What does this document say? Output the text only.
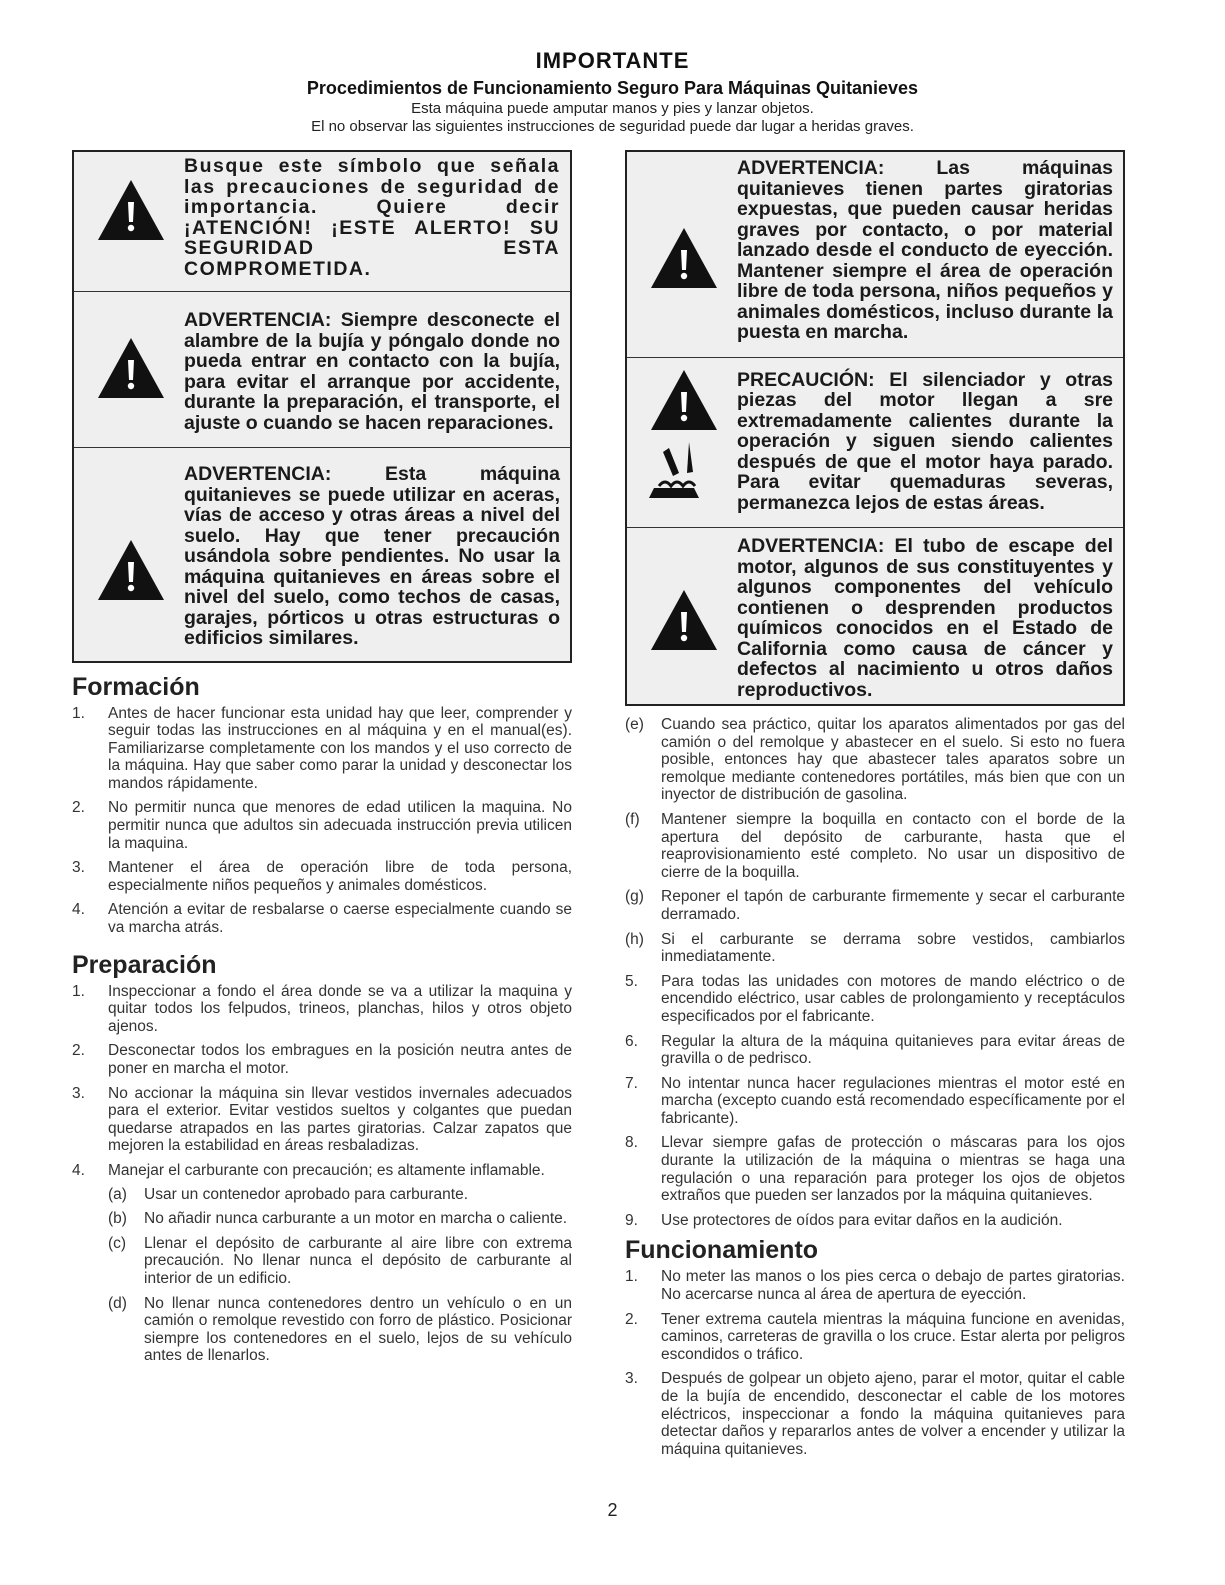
IMPORTANTE
Procedimientos de Funcionamiento Seguro Para Máquinas Quitanieves
Esta máquina puede amputar manos y pies y lanzar objetos.
El no observar las siguientes instrucciones de seguridad puede dar lugar a heridas graves.
Busque este símbolo que señala las precauciones de seguridad de importancia. Quiere decir ¡ATENCIÓN! ¡ESTE ALERTO! SU SEGURIDAD ESTA COMPROMETIDA.
ADVERTENCIA: Siempre desconecte el alambre de la bujía y póngalo donde no pueda entrar en contacto con la bujía, para evitar el arranque por accidente, durante la preparación, el transporte, el ajuste o cuando se hacen reparaciones.
ADVERTENCIA: Esta máquina quitanieves se puede utilizar en aceras, vías de acceso y otras áreas a nivel del suelo. Hay que tener precaución usándola sobre pendientes. No usar la máquina quitanieves en áreas sobre el nivel del suelo, como techos de casas, garajes, pórticos u otras estructuras o edificios similares.
Formación
1. Antes de hacer funcionar esta unidad hay que leer, comprender y seguir todas las instrucciones en al máquina y en el manual(es). Familiarizarse completamente con los mandos y el uso correcto de la máquina. Hay que saber como parar la unidad y desconectar los mandos rápidamente.
2. No permitir nunca que menores de edad utilicen la maquina. No permitir nunca que adultos sin adecuada instrucción previa utilicen la maquina.
3. Mantener el área de operación libre de toda persona, especialmente niños pequeños y animales domésticos.
4. Atención a evitar de resbalarse o caerse especialmente cuando se va marcha atrás.
Preparación
1. Inspeccionar a fondo el área donde se va a utilizar la maquina y quitar todos los felpudos, trineos, planchas, hilos y otros objeto ajenos.
2. Desconectar todos los embragues en la posición neutra antes de poner en marcha el motor.
3. No accionar la máquina sin llevar vestidos invernales adecuados para el exterior. Evitar vestidos sueltos y colgantes que puedan quedarse atrapados en las partes giratorias. Calzar zapatos que mejoren la estabilidad en áreas resbaladizas.
4. Manejar el carburante con precaución; es altamente inflamable.
(a) Usar un contenedor aprobado para carburante.
(b) No añadir nunca carburante a un motor en marcha o caliente.
(c) Llenar el depósito de carburante al aire libre con extrema precaución. No llenar nunca el depósito de carburante al interior de un edificio.
(d) No llenar nunca contenedores dentro un vehículo o en un camión o remolque revestido con forro de plástico. Posicionar siempre los contenedores en el suelo, lejos de su vehículo antes de llenarlos.
ADVERTENCIA: Las máquinas quitanieves tienen partes giratorias expuestas, que pueden causar heridas graves por contacto, o por material lanzado desde el conducto de eyección. Mantener siempre el área de operación libre de toda persona, niños pequeños y animales domésticos, incluso durante la puesta en marcha.
PRECAUCIÓN: El silenciador y otras piezas del motor llegan a sre extremadamente calientes durante la operación y siguen siendo calientes después de que el motor haya parado. Para evitar quemaduras severas, permanezca lejos de estas áreas.
ADVERTENCIA: El tubo de escape del motor, algunos de sus constituyentes y algunos componentes del vehículo contienen o desprenden productos químicos conocidos en el Estado de California como causa de cáncer y defectos al nacimiento u otros daños reproductivos.
(e) Cuando sea práctico, quitar los aparatos alimentados por gas del camión o del remolque y abastecer en el suelo. Si esto no fuera posible, entonces hay que abastecer tales aparatos sobre un remolque mediante contenedores portátiles, más bien que con un inyector de distribución de gasolina.
(f) Mantener siempre la boquilla en contacto con el borde de la apertura del depósito de carburante, hasta que el reaprovisionamiento esté completo. No usar un dispositivo de cierre de la boquilla.
(g) Reponer el tapón de carburante firmemente y secar el carburante derramado.
(h) Si el carburante se derrama sobre vestidos, cambiarlos inmediatamente.
5. Para todas las unidades con motores de mando eléctrico o de encendido eléctrico, usar cables de prolongamiento y receptáculos especificados por el fabricante.
6. Regular la altura de la máquina quitanieves para evitar áreas de gravilla o de pedrisco.
7. No intentar nunca hacer regulaciones mientras el motor esté en marcha (excepto cuando está recomendado específicamente por el fabricante).
8. Llevar siempre gafas de protección o máscaras para los ojos durante la utilización de la máquina o mientras se haga una regulación o una reparación para proteger los ojos de objetos extraños que pueden ser lanzados por la máquina quitanieves.
9. Use protectores de oídos para evitar daños en la audición.
Funcionamiento
1. No meter las manos o los pies cerca o debajo de partes giratorias. No acercarse nunca al área de apertura de eyección.
2. Tener extrema cautela mientras la máquina funcione en avenidas, caminos, carreteras de gravilla o los cruce. Estar alerta por peligros escondidos o tráfico.
3. Después de golpear un objeto ajeno, parar el motor, quitar el cable de la bujía de encendido, desconectar el cable de los motores eléctricos, inspeccionar a fondo la máquina quitanieves para detectar daños y repararlos antes de volver a encender y utilizar la máquina quitanieves.
2
